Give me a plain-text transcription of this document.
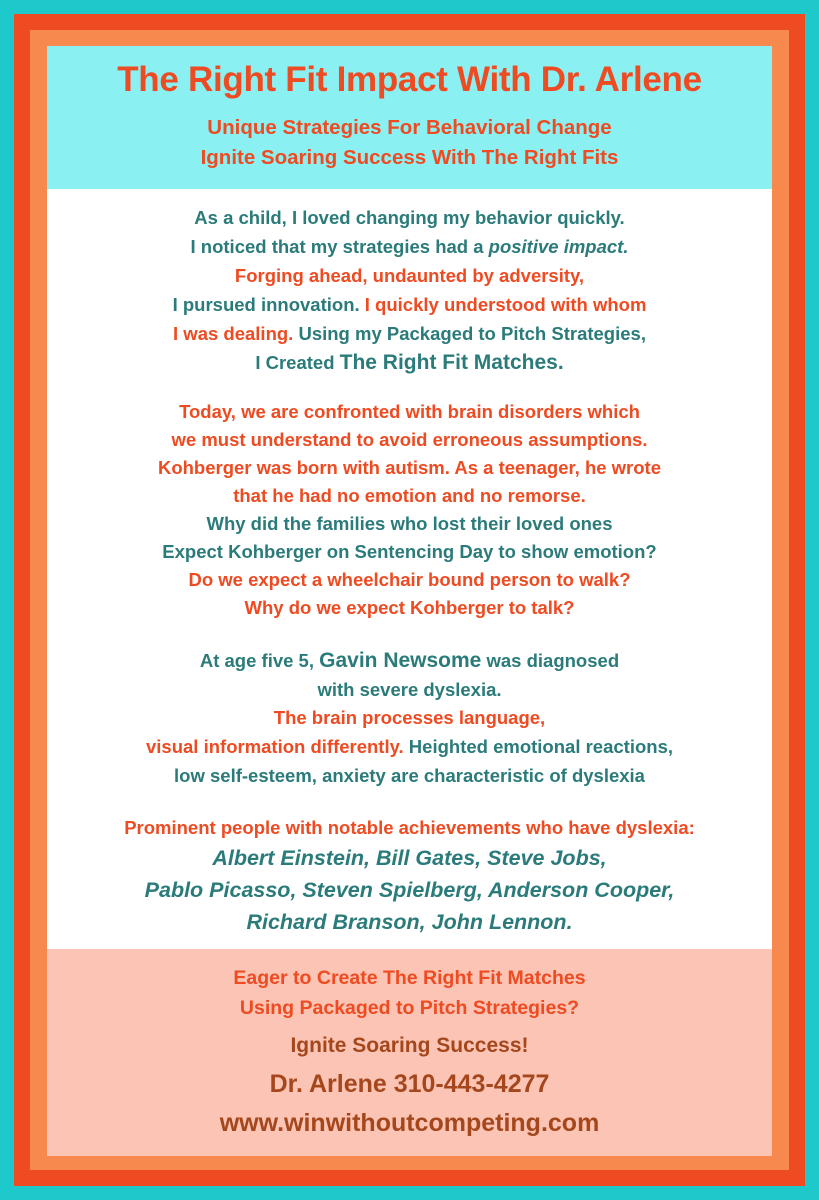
The Right Fit Impact With Dr. Arlene
Unique Strategies For Behavioral Change
Ignite Soaring Success With The Right Fits
As a child, I loved changing my behavior quickly.
I noticed that my strategies had a positive impact.
Forging ahead, undaunted by adversity,
I pursued innovation. I quickly understood with whom
I was dealing. Using my Packaged to Pitch Strategies,
I Created The Right Fit Matches.
Today, we are confronted with brain disorders which
we must understand to avoid erroneous assumptions.
Kohberger was born with autism. As a teenager, he wrote
that he had no emotion and no remorse.
Why did the families who lost their loved ones
Expect Kohberger on Sentencing Day to show emotion?
Do we expect a wheelchair bound person to walk?
Why do we expect Kohberger to talk?
At age five 5, Gavin Newsome was diagnosed
with severe dyslexia.
The brain processes language,
visual information differently. Heighted emotional reactions,
low self-esteem, anxiety are characteristic of dyslexia
Prominent people with notable achievements who have dyslexia:
Albert Einstein, Bill Gates, Steve Jobs,
Pablo Picasso, Steven Spielberg, Anderson Cooper,
Richard Branson, John Lennon.
Eager to Create The Right Fit Matches
Using Packaged to Pitch Strategies?
Ignite Soaring Success!
Dr. Arlene 310-443-4277
www.winwithoutcompeting.com
